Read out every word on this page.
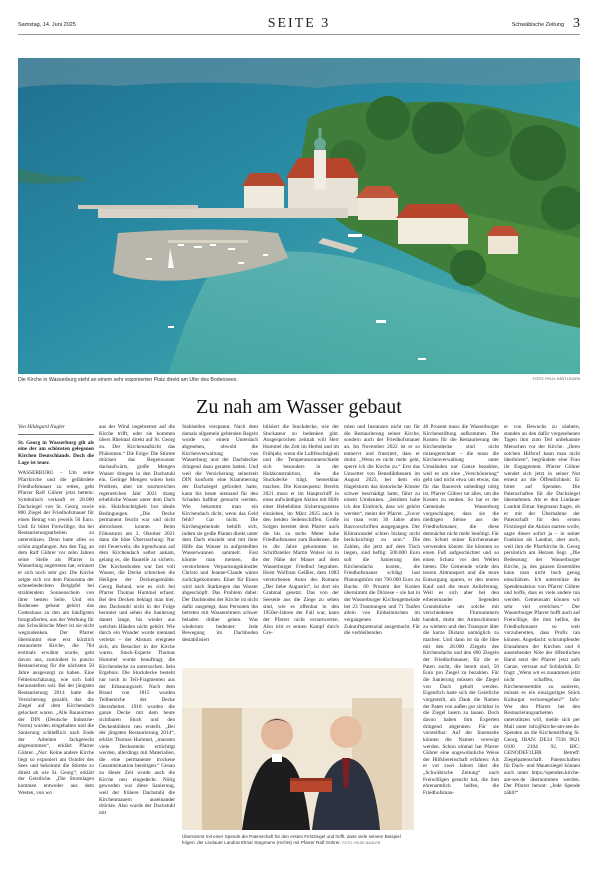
Samstag, 14. Juni 2025	SEITE 3	Schwäbische Zeitung 3
Die Kirche in Wasserburg steht an einem sehr exponierten Platz direkt am Ufer des Bodensees.	FOTO: FELIX KÄSTLE/DPA
Zu nah am Wasser gebaut
Von Hildegard Nagler
St. Georg in Wasserburg gilt als eine der am schönsten gelegenen Kirchen Deutschlands. Doch die Lage ist teuer.

WASSERBURG – Um seine Pfarrkirche und die gefährdete Friedhofsmauer zu retten, geht Pfarrer Ralf Gührer jetzt betteln: Symbolisch verkauft er 28.000 Dachziegel von St. Georg sowie 800 Ziegel der Friedhofsmauer für einen Betrag von jeweils 50 Euro. Und: Er bittet Freiwillige, ihn bei Restaurierungsarbeiten zu unterstützen. Denn hatte alles so schön angefangen. Am den Tag, an dem Ralf Gührer vor zehn Jahren seine Stelle als Pfarrer in Wasserburg angetreten hat, erinnert er sich noch sehr gut. Die Kirche zeigte sich vor dem Panorama der schneebedeckten Bergipfel bei strahlendem Sonnenschein von ihrer besten Seite. Und ein Bodensee gebaut gehört das Gotteshaus zu den am häufigsten fotografierten, aus der Werbung für das Schwäbische Meer ist sie nicht wegzudenken. Der Pfarrer übernimmt eine erst kürzlich restaurierte Kirche, die 784 erstmals erwähnt wurde, geht davon aus, zumindest in puncto Restaurierung für die nächsten 50 Jahre ausgesorgt zu haben. Eine Fehleinschätzung, wie sich bald herausstellen soll. Bei der jüngsten Restaurierung 2014 hatte die Versicherung gezahlt, das die Ziegel auf dem Kirchendach gelockert waren. „Alle Baunormen der DIN (Deutsche Industrie-Norm) wurden eingehalten und die Sanierung schließlich nach Ende der Arbeiten fachgerecht abgenommen“, erklärt Pfarrer Gührer. „Nur: Keine andere Kirche liegt so exponiert am Ostufer des Sees und bekommt die Stürme so direkt ab wie St. Georg“, erklärt der Geistliche. „Die Sturmlagen kommen entweder aus dem Westen, von wo

aus der Wind ungebremst auf die Kirche trifft, oder sie kommen übers Rheintal direkt auf St. Georg zu. Der Kirchenaufsicht das Phänomen.“ Die Folge: Die Stürme drücken das Regenwasser dachaufwärts, große Mengen Wasser dringen in den Dachstuhl ein. Geringe Mengen wären kein Problem, aber im sturmreichen regenreichen Jahr 2021 drang erhebliche Wasser unter dem Dach ein. Holzfeuchtigkeit bot ideale Bedingungen. „Die Decke permanent feucht war und nicht abtrocknen konnte. Beim Föhnsturm am 3. Oktober 2021 dann die böse Überraschung: Nur mit Feuerwehr, die irgendwann auf dem Kirchendach selbst ankam, gelang es, die Bauteile zu sichern. Der Kirchenboden war fast voll Wasser, die Decke schrecken die Heiligen der Deckengemälde. Georg Belund, wie es sich bei Pfarrer Thomas Hummel erfasst. Bei den Decken beklagt man hier, den Dachstuhl nicht in der Folge herunter und sehen die Sanierung dauert lange, bis wieder aus welchen Händen nicht gehört. Wie durch ein Wunder wurde niemand verletzt – der Absturz ereignete sich, als Besucher in der Kirche waren. Stuck-Experte Thomas Hummel wurde beauftragt, die Kirchendecke zu untersuchen. Sein Ergebnis: Die Stuckdecke besteht nur noch in Teil-Fragmenten aus der Erbauungszeit. Nach dem Brand von 1815 wurden Teilbereiche der Decke überarbeitet. 1918 wurden die ganze Decke mit dem heute sichtbaren Stuck und den Deckenbildern neu erstellt. „Bei der jüngsten Restaurierung 2014“, erklärt Thomas Hummel, „mussten viele Deckenteile ertüchtigt werden, allerdings mit Materialien, die eine permanente trockene Gesamtsituation benötigen.“ Genau zu dieser Zeit wurde auch die Kirche neu eingedeckt. Nötig geworden war diese Sanierung, weil der frühere Dachstuhl die Kirchenmauern auseinander drückte. Also wurde der Dachstuhl mit

Stahlseilen verspannt. Nach dem damals allgemein geltenden Regeln wurde von einem Unterdach abgesehen, obwohl die Kirchenverwaltung von Wasserburg und der Dachdecker dringend dazu geraten hatten. Und weil die Versicherung seinerzeit DIN konform eine Klammerung der Dachziegel gefordert hatte, kann bis heute niemand für den Schaden haftbar gemacht werden. Wie bekommt man ein Kirchendach dicht, wenn das Geld fehlt? Gar nicht. Die Kirchengemeinde behilft sich, indem sie große Planen direkt unter dem Dach einzieht und mit ihrer Hilfe das Wasser in aufgestellten Wasserwannen sammelt. Fast könnte man meinen, die verstorbenen Verpackungskünstler Christo und Jeanne-Claude wären zurückgekommen. Einer für Einen wird nach Starkregen das Wasser abgeschöpft. Das Problem dabei: Der Dachboden der Kirche ist nicht dafür ausgelegt, dass Personen ihn betreten mit Wassereimern schwer beladen drüber gehen. Was wiederum bedeutet: Jede Bewegung im Dachboden destabilisiert

bilisiert die Stuckdecke, wie der Stuckateur zu bedenken gibt. Ausgesprochen zeitnah will Herr Hummel die Zeit im Herbst und im Frühjahr, wenn die Luftfeuchtigkeit und die Temperaturunterschiede sich besonders in der Holzkonstruktion, die die Stuckdecke trägt, bemerkbar machen. Die Konsequenz: Bereits 2021 muss er im Hauptschiff in einer aufwändigen Aktion mit Hilfe einer Hebebühne Sicherungsnetze einziehen, im März 2025 auch in den beiden Seitenschiffen. Große Sorgen bereitet dem Pfarrer auch die bis zu sechs Meter hohe Friedhofsmauer zum Bodensee, die in die Jahre gekommen ist. Schriftsteller Martin Walser ist in der Nähe der Mauer auf dem Wasserburger Friedhof begraben. Horst Wolfram Geißler, dem 1983 verstorbenen Autor des Romans „Der liebe Augustin“, ist dort ein Grabmal gesetzt. Das von der Seeseite aus die Ziege zu sehen sind, wie es offenbar in den 1950er-Jahren der Fall war, kann der Pfarrer nicht verantworten. Also tritt er seinen Kampf durch Gre-

mien und Instanzen nicht nur für die Restaurierung seiner Kirche, sondern auch der Friedhofsmauer an. Im November 2022 ist er so entnervt und frustriert, dass er droht: „Wenn es nicht mehr geht, sperre ich die Kirche zu.“ Erst das Unwetter von Benediktbeuern im August 2023, bei dem ein Hagelsturm das historische Kloster schwer beschädigt hatte, führt zu einem Umdenken. „Seitdem habe ich den Eindruck, dass wir gehört werden“, meint der Pfarrer. „Zuvor ist man vom 30 Jahre alten Bauvorschriften ausgegangen. Der Klimawandel schien bislang nicht berücksichtigt zu sein.“ Die Zahlen, die jetzt auf dem Tisch liegen, sind heftig: 500.000 Euro soll die Sanierung des Kirchendachs kosten, die Friedhofsmauer schlägt laut Planungsbüro mit 700.000 Euro zu Buche. 60 Prozent der Kosten übernimmt die Diözese – sie hat in der Wasserburger Kirchengemeinde bei 23 Traumungen und 71 Taufen allein von Einheimischen im vergangenen Jahr Zukunftspotenzial ausgemacht. Für die verbleibenden

40 Prozent muss die Wasserburger Kirchenstiftung aufkommen. Die Kosten für die Restaurierung der Kirchendecke sind nicht mitangerechnet – die muss die Kirchenverwaltung unter Umständen nur Ganze bezahlen, weil es um eine „Verschönerung“ geht und nicht etwa um etwas, das für das Bauwerk unbedingt nötig ist. Pfarrer Gührer tut alles, um die Kosten zu senken. So hat er der Gemeinde Wasserburg vorgeschlagen, dass sie die niedrigen Steine aus der Friedhofsmauer, die diese demnächst nicht mehr benötigt. Für den Schutt seiner Kirchenmauer verwenden könnte. Sie könnten so einen Fuß aufgeschichtet und so einen Schutz vor den Wellen bieten. Die Gemeinde würde den teuren Abtransport und die teure Entsorgung sparen, er den teuren Kauf und die teure Anlieferung. Weil es sich aber bei den erbeneinander liegenden Grundstücke um solche mit verschiedenen Flurnummern handelt, droht der Amtsschimmel zu wiehern und den Transport über die kurze Distanz unmöglich zu machen. Und dann ist da die Idee mit den 28.000 Ziegeln des Kirchendachs und den 800 Ziegeln der Friedhofsmauer, für die er Paten sucht, die bereit sind, 50 Euro pro Ziegel zu bezahlen. Für die Sanierung müssen die Ziegel von Dach geholt werden. Eigentlich hatte sich der Geistliche vorgestellt, als Dank die Namen der Paten von außen gut sichtbar in die Ziegel lasern zu lassen. Doch davon haben ihm Experten dringend abgeraten: Für sie vorstellbar: Auf der Innenseite können die Namen verewigt werden. Schon einmal hat Pfarrer Gührer eine ungewöhnliche Weise der Hilfsbereitschaft erfahren: Als er vor zwei Jahren über die „Schwäbische Zeitung“ nach Freiwilligen gesucht hat, die ihm ehrenamtlich helfen, die Friedhofsmau-

er von Bewuchs zu säubern, standen an den dafür vorgesehenen Tagen ihm zum Teil unbekannte Menschen vor der Kirche. „Ihren solchen Hilfsruf kann man nicht überhören“, begründete eine Frau ihr Engagement. Pfarrer Gührer wendet sich jetzt in seiner Not erneut an die Öffentlichkeit: Er bittet auf Spenden. Die Patenschaften für die Dachziegel übernehmen. Als er den Lindauer Landrat Elmar Stegmann fragte, ob er mit der Übernahme der Patenschaft für den ersten Firstziegel die Aktion starten wolle, sagte dieser sofort ja – in seiner Funktion als Landrat, aber auch, weil ihm die Pfarrkirche St. Georg persönlich am Herzen liegt. „Die Bedeutung der Wasserburger Kirche, ja, des ganzen Ensembles kann man nicht hoch genug einschätzen. Ich unterstütze die Spendenaktion von Pfarrer Gührer und hoffe, dass es viele andere tun werden. Gemeinsam können wir sehr viel erreichen.“ Der Wasserburger Pfarrer hofft auch auf Freiwillige, die ihm helfen, die Friedhofsmauer so weit vorzubereiten, dass Profis ran können. Angedacht: schrumpfender Einnahmen der Kirchen und 6 ausstehender Nöte der öffentlichen Hand setzt der Pfarrer jetzt aufs Ganze, vertraut auf Solidarität. Er fragt: „Wenn wir es zusammen jetzt nicht schaffen, das Kirchenensemble zu sanieren, müsste es ein einzigartiges Stück Kulturgut verlorengehen?“ Info: Wer den Pfarrer bei den Restaurierungsarbeiten unterstützen will, melde sich per Mail unter info@kirche-am-see.de. Spenden an die Kirchenstiftung St. Georg, IBAN: DE34 7336 9821 0100 2104 92, BIC: GENODEF1LBR Betreff: Ziegelpatenschaft. Patenschaften für Dach- und Mauerziegel können auch unter https://spenden.kirche-am-see.de übernommen werden. Der Pfarrer betont: „Jede Spende zählt!“

Übernimmt mit einer Spende die Patenschaft für den ersten Firstziegel und hofft, dass viele seinem Beispiel folgen: der Lindauer Landrat Elmar Stegmann (rechts) mit Pfarrer Ralf Gührer. FOTO: HILDE NAGLER
